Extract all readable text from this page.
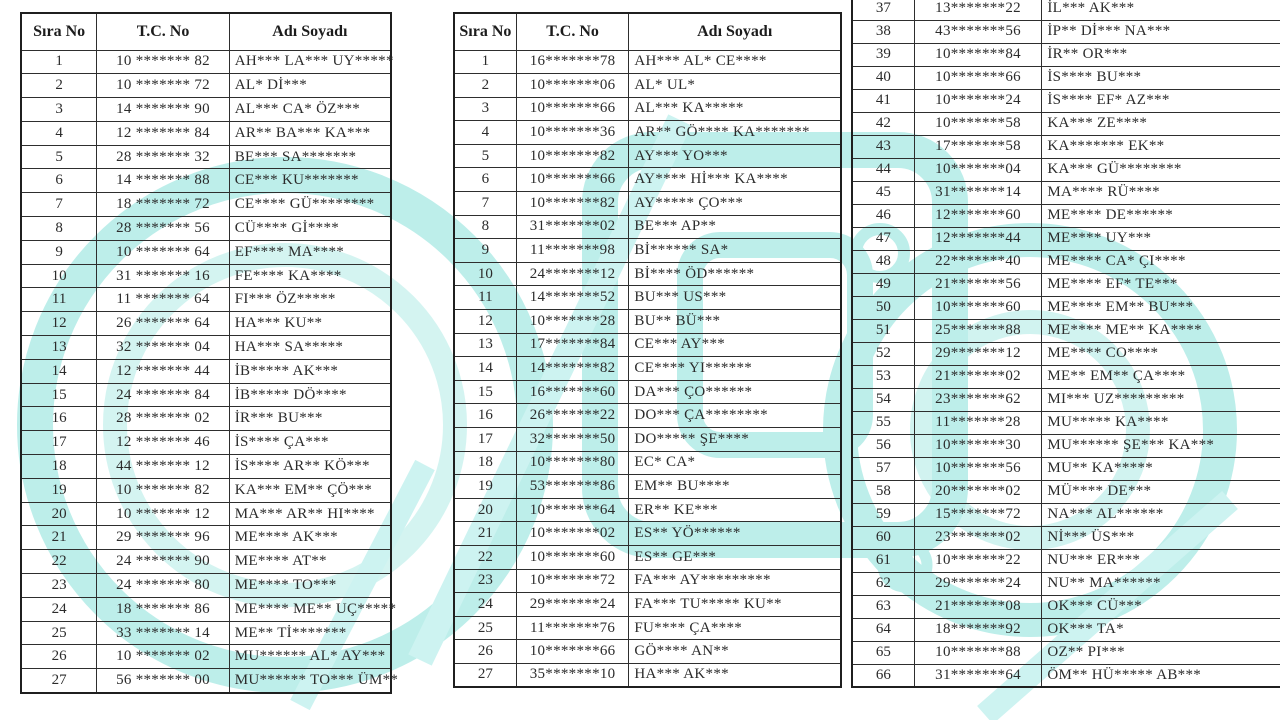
Sıra No	T.C. No	Adı Soyadı
1	10 ******* 82	AH*** LA*** UY*****
2	10 ******* 72	AL* Dİ***
3	14 ******* 90	AL*** CA* ÖZ***
4	12 ******* 84	AR** BA*** KA***
5	28 ******* 32	BE*** SA*******
6	14 ******* 88	CE*** KU*******
7	18 ******* 72	CE**** GÜ********
8	28 ******* 56	CÜ**** Gİ****
9	10 ******* 64	EF**** MA****
10	31 ******* 16	FE**** KA****
11	11 ******* 64	FI*** ÖZ*****
12	26 ******* 64	HA*** KU**
13	32 ******* 04	HA*** SA*****
14	12 ******* 44	İB***** AK***
15	24 ******* 84	İB***** DÖ****
16	28 ******* 02	İR*** BU***
17	12 ******* 46	İS**** ÇA***
18	44 ******* 12	İS**** AR** KÖ***
19	10 ******* 82	KA*** EM** ÇÖ***
20	10 ******* 12	MA*** AR** HI****
21	29 ******* 96	ME**** AK***
22	24 ******* 90	ME**** AT**
23	24 ******* 80	ME**** TO***
24	18 ******* 86	ME**** ME** UÇ*****
25	33 ******* 14	ME** Tİ*******
26	10 ******* 02	MU****** AL* AY***
27	56 ******* 00	MU****** TO*** ÜM**
Sıra No	T.C. No	Adı Soyadı
1	16*******78	AH*** AL* CE****
2	10*******06	AL* UL*
3	10*******66	AL*** KA*****
4	10*******36	AR** GÖ**** KA*******
5	10*******82	AY*** YO***
6	10*******66	AY**** Hİ*** KA****
7	10*******82	AY***** ÇO***
8	31*******02	BE*** AP**
9	11*******98	Bİ****** SA*
10	24*******12	Bİ**** ÖD******
11	14*******52	BU*** US***
12	10*******28	BU** BÜ***
13	17*******84	CE*** AY***
14	14*******82	CE**** YI******
15	16*******60	DA*** ÇO******
16	26*******22	DO*** ÇA********
17	32*******50	DO***** ŞE****
18	10*******80	EC* CA*
19	53*******86	EM** BU****
20	10*******64	ER** KE***
21	10*******02	ES** YÖ******
22	10*******60	ES** GE***
23	10*******72	FA*** AY*********
24	29*******24	FA*** TU***** KU**
25	11*******76	FU**** ÇA****
26	10*******66	GÖ**** AN**
27	35*******10	HA*** AK***
37	13*******22	İL*** AK***
38	43*******56	İP** Dİ*** NA***
39	10*******84	İR** OR***
40	10*******66	İS**** BU***
41	10*******24	İS**** EF* AZ***
42	10*******58	KA*** ZE****
43	17*******58	KA******* EK**
44	10*******04	KA*** GÜ********
45	31*******14	MA**** RÜ****
46	12*******60	ME**** DE******
47	12*******44	ME**** UY***
48	22*******40	ME**** CA* ÇI****
49	21*******56	ME**** EF* TE***
50	10*******60	ME**** EM** BU***
51	25*******88	ME**** ME** KA****
52	29*******12	ME**** CO****
53	21*******02	ME** EM** ÇA****
54	23*******62	MI*** UZ*********
55	11*******28	MU***** KA****
56	10*******30	MU****** ŞE*** KA***
57	10*******56	MU** KA*****
58	20*******02	MÜ**** DE***
59	15*******72	NA*** AL******
60	23*******02	Nİ*** ÜS***
61	10*******22	NU*** ER***
62	29*******24	NU** MA******
63	21*******08	OK*** CÜ***
64	18*******92	OK*** TA*
65	10*******88	OZ** PI***
66	31*******64	ÖM** HÜ***** AB***
